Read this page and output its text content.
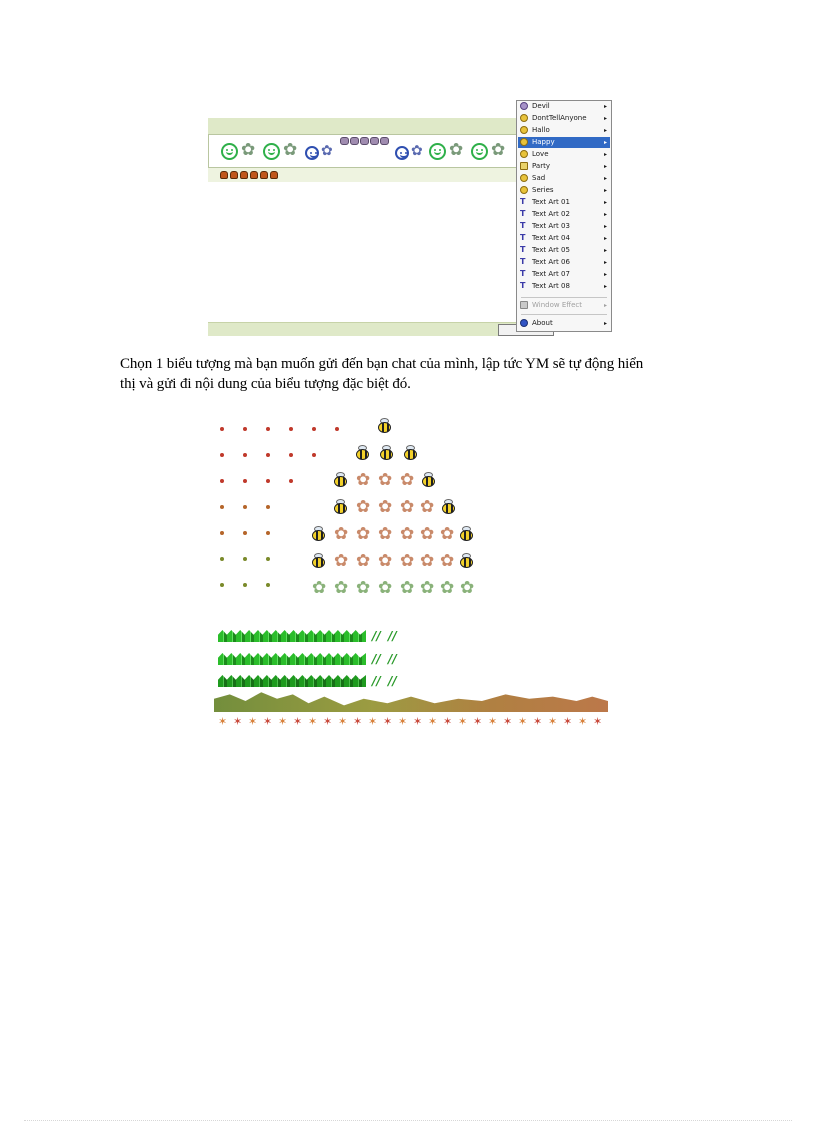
✿ ✿ ✿	✿ ✿ ✿
Devil	▸
DontTellAnyone	▸
Hallo	▸
Happy	▸
Love	▸
Party	▸
Sad	▸
Series	▸
T Text Art 01	▸
T Text Art 02	▸
T Text Art 03	▸
T Text Art 04	▸
T Text Art 05	▸
T Text Art 06	▸
T Text Art 07	▸
T Text Art 08	▸
Window Effect	▸
About	▸
Chọn 1 biểu tượng mà bạn muốn gửi đến bạn chat của mình, lập tức YM sẽ tự động hiển
thị và gửi đi nội dung của biểu tượng đặc biệt đó.
✿ ✿ ✿
✿ ✿ ✿ ✿
✿ ✿ ✿ ✿ ✿ ✿
✿ ✿ ✿ ✿ ✿ ✿
✿ ✿ ✿ ✿ ✿ ✿ ✿ ✿
// //
// //
// //
✶ ✶ ✶ ✶ ✶ ✶ ✶ ✶ ✶ ✶ ✶ ✶ ✶ ✶ ✶ ✶ ✶ ✶ ✶ ✶ ✶ ✶ ✶ ✶ ✶ ✶
